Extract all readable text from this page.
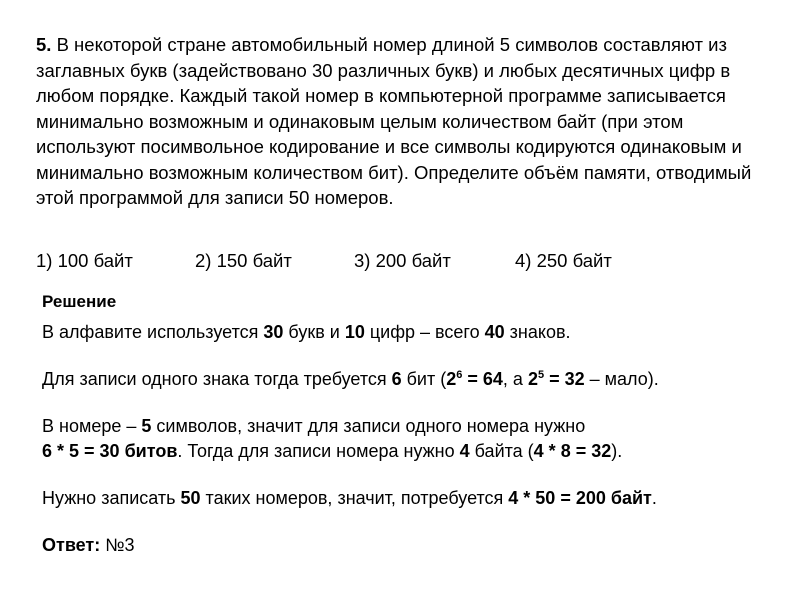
5. В некоторой стране автомобильный номер длиной 5 символов составляют из заглавных букв (задействовано 30 различных букв) и любых десятичных цифр в любом порядке. Каждый такой номер в компьютерной программе записывается минимально возможным и одинаковым целым количеством байт (при этом используют посимвольное кодирование и все символы кодируются одинаковым и минимально возможным количеством бит). Определите объём памяти, отводимый этой программой для записи 50 номеров.

1) 100 байт	2) 150 байт	3) 200 байт	4) 250 байт

Решение

В алфавите используется 30 букв и 10 цифр – всего 40 знаков.

Для записи одного знака тогда требуется 6 бит ($2^6 = 64$, а $2^5 = 32$ – мало).

В номере – 5 символов, значит для записи одного номера нужно
6 * 5 = 30 битов. Тогда для записи номера нужно 4 байта (4 * 8 = 32).

Нужно записать 50 таких номеров, значит, потребуется 4 * 50 = 200 байт.

Ответ: №3
